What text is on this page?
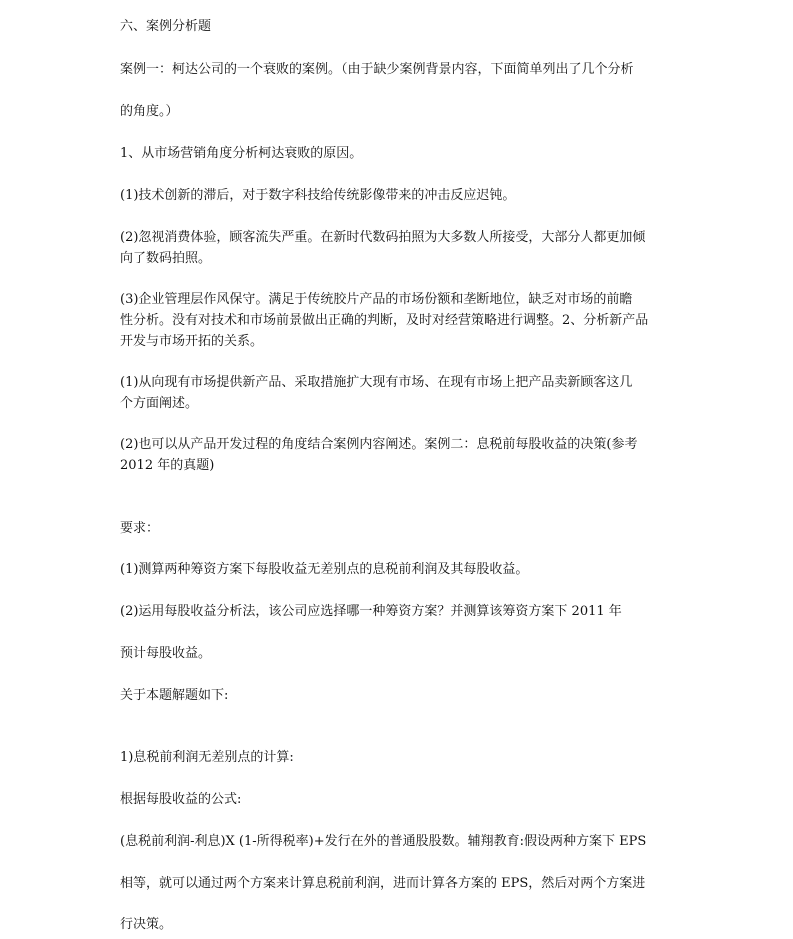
六、案例分析题
案例一：柯达公司的一个衰败的案例。（由于缺少案例背景内容，下面简单列出了几个分析
的角度。）
1、从市场营销角度分析柯达衰败的原因。
(1)技术创新的滞后，对于数字科技给传统影像带来的冲击反应迟钝。
(2)忽视消费体验，顾客流失严重。在新时代数码拍照为大多数人所接受，大部分人都更加倾
向了数码拍照。
(3)企业管理层作风保守。满足于传统胶片产品的市场份额和垄断地位，缺乏对市场的前瞻
性分析。没有对技术和市场前景做出正确的判断，及时对经营策略进行调整。2、分析新产品
开发与市场开拓的关系。
(1)从向现有市场提供新产品、采取措施扩大现有市场、在现有市场上把产品卖新顾客这几
个方面阐述。
(2)也可以从产品开发过程的角度结合案例内容阐述。案例二：息税前每股收益的决策(参考
2012 年的真题)
要求：
(1)测算两种筹资方案下每股收益无差别点的息税前利润及其每股收益。
(2)运用每股收益分析法，该公司应选择哪一种筹资方案？并测算该筹资方案下 2011 年
预计每股收益。
关于本题解题如下:
1)息税前利润无差别点的计算:
根据每股收益的公式:
(息税前利润-利息)X (1-所得税率)+发行在外的普通股股数。辅翔教育:假设两种方案下 EPS
相等，就可以通过两个方案来计算息税前利润，进而计算各方案的 EPS，然后对两个方案进
行决策。
